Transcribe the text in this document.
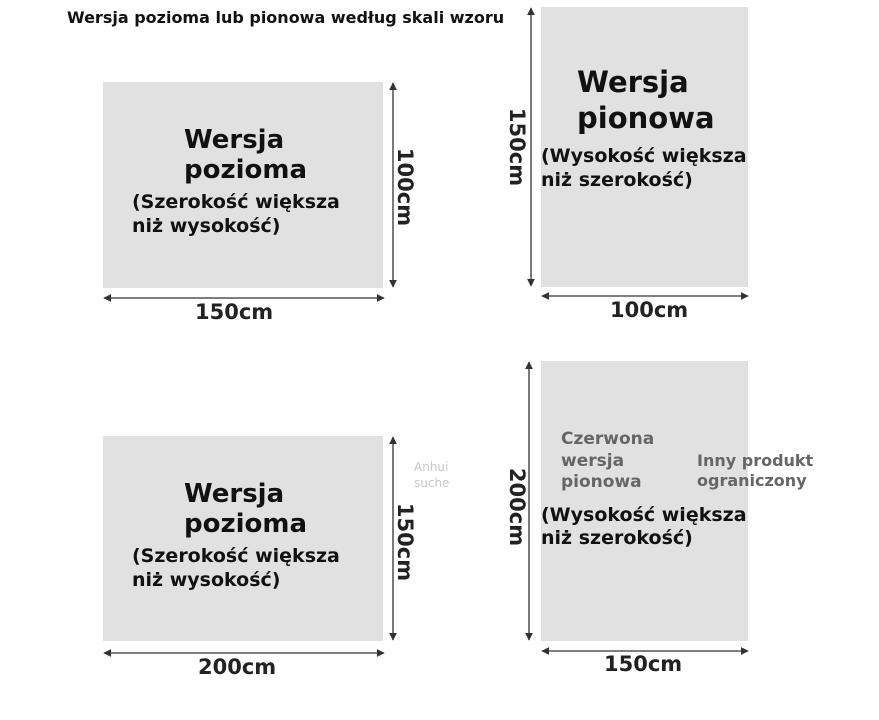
Wersja pozioma lub pionowa według skali wzoru
Wersja
pozioma
(Szerokość większa
niż wysokość)
150cm
100cm
Wersja
pionowa
(Wysokość większa
niż szerokość)
100cm
150cm
Wersja
pozioma
(Szerokość większa
niż wysokość)
200cm
150cm
Czerwona
wersja
pionowa
Inny produkt
ograniczony
(Wysokość większa
niż szerokość)
150cm
200cm
Anhui
suche
